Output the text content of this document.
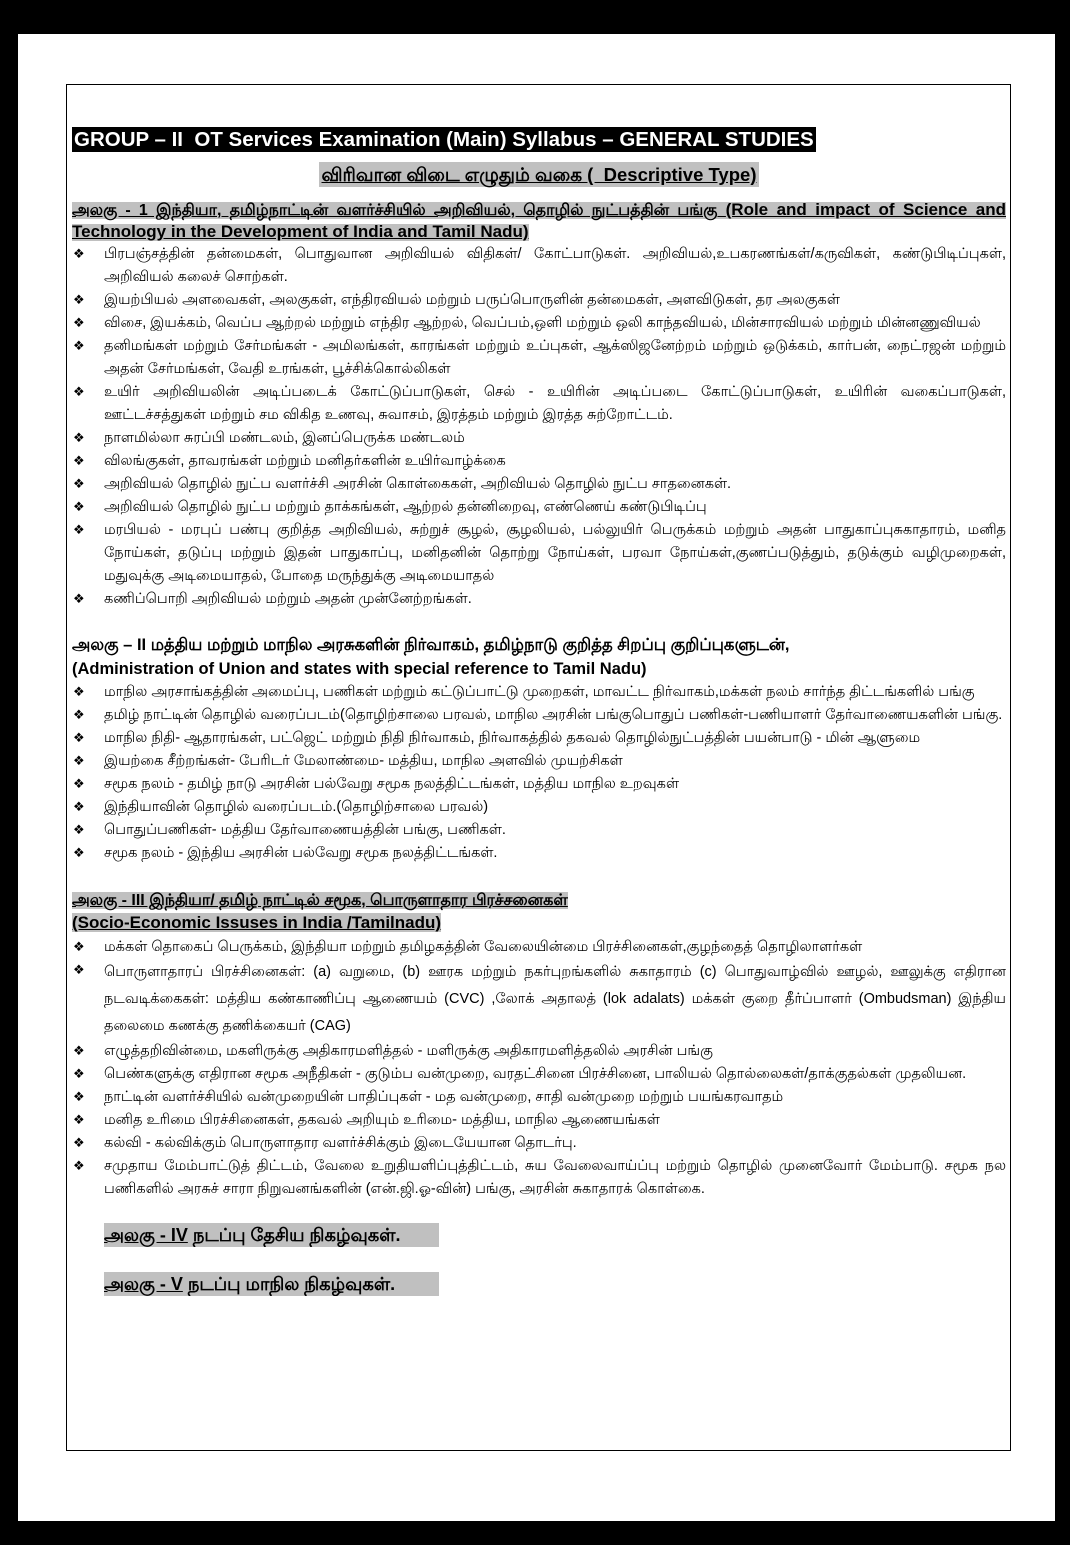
GROUP – II  OT Services Examination (Main) Syllabus – GENERAL STUDIES
விரிவான விடை எழுதும் வகை (  Descriptive Type)

அலகு - 1 இந்தியா, தமிழ்நாட்டின் வளர்ச்சியில் அறிவியல், தொழில் நுட்பத்தின் பங்கு (Role and impact of Science and Technology in the Development of India and Tamil Nadu)

❖
பிரபஞ்சத்தின் தன்மைகள், பொதுவான அறிவியல் விதிகள்/ கோட்பாடுகள். அறிவியல்,உபகரணங்கள்/கருவிகள், கண்டுபிடிப்புகள், அறிவியல் கலைச் சொற்கள்.
❖
இயற்பியல் அளவைகள், அலகுகள், எந்திரவியல் மற்றும் பருப்பொருளின் தன்மைகள், அளவிடுகள், தர அலகுகள்
❖
விசை, இயக்கம், வெப்ப ஆற்றல் மற்றும் எந்திர ஆற்றல், வெப்பம்,ஒளி மற்றும் ஒலி காந்தவியல், மின்சாரவியல் மற்றும் மின்னணுவியல்
❖
தனிமங்கள் மற்றும் சேர்மங்கள் - அமிலங்கள், காரங்கள் மற்றும் உப்புகள், ஆக்ஸிஜனேற்றம் மற்றும் ஒடுக்கம், கார்பன், நைட்ரஜன் மற்றும் அதன் சேர்மங்கள், வேதி உரங்கள், பூச்சிக்கொல்லிகள்
❖
உயிர் அறிவியலின் அடிப்படைக் கோட்டுப்பாடுகள், செல் - உயிரின் அடிப்படை கோட்டுப்பாடுகள், உயிரின் வகைப்பாடுகள், ஊட்டச்சத்துகள் மற்றும் சம விகித உணவு, சுவாசம், இரத்தம் மற்றும் இரத்த சுற்றோட்டம்.
❖
நாளமில்லா சுரப்பி மண்டலம், இனப்பெருக்க மண்டலம்
❖
விலங்குகள், தாவரங்கள் மற்றும் மனிதர்களின் உயிர்வாழ்க்கை
❖
அறிவியல் தொழில் நுட்ப வளர்ச்சி அரசின் கொள்கைகள், அறிவியல் தொழில் நுட்ப சாதனைகள்.
❖
அறிவியல் தொழில் நுட்ப மற்றும் தாக்கங்கள், ஆற்றல் தன்னிறைவு, எண்ணெய் கண்டுபிடிப்பு
❖
மரபியல் - மரபுப் பண்பு குறித்த அறிவியல், சுற்றுச் சூழல், சூழலியல், பல்லுயிர் பெருக்கம் மற்றும் அதன் பாதுகாப்புசுகாதாரம், மனித நோய்கள், தடுப்பு மற்றும் இதன் பாதுகாப்பு, மனிதனின் தொற்று நோய்கள், பரவா நோய்கள்,குணப்படுத்தும், தடுக்கும் வழிமுறைகள், மதுவுக்கு அடிமையாதல், போதை மருந்துக்கு அடிமையாதல்
❖
கணிப்பொறி அறிவியல் மற்றும் அதன் முன்னேற்றங்கள்.

அலகு – II மத்திய மற்றும் மாநில அரசுகளின் நிர்வாகம், தமிழ்நாடு குறித்த சிறப்பு குறிப்புகளுடன்,
(Administration of Union and states with special reference to Tamil Nadu)

❖
மாநில அரசாங்கத்தின் அமைப்பு, பணிகள் மற்றும் கட்டுப்பாட்டு முறைகள், மாவட்ட நிர்வாகம்,மக்கள் நலம் சார்ந்த திட்டங்களில் பங்கு
❖
தமிழ் நாட்டின் தொழில் வரைப்படம்(தொழிற்சாலை பரவல், மாநில அரசின் பங்குபொதுப் பணிகள்-பணியாளர் தேர்வாணையகளின் பங்கு.
❖
மாநில நிதி- ஆதாரங்கள், பட்ஜெட் மற்றும் நிதி நிர்வாகம், நிர்வாகத்தில் தகவல் தொழில்நுட்பத்தின் பயன்பாடு - மின் ஆளுமை
❖
இயற்கை சீற்றங்கள்- பேரிடர் மேலாண்மை- மத்திய, மாநில அளவில் முயற்சிகள்
❖
சமூக நலம் - தமிழ் நாடு அரசின் பல்வேறு சமூக நலத்திட்டங்கள், மத்திய மாநில உறவுகள்
❖
இந்தியாவின் தொழில் வரைப்படம்.(தொழிற்சாலை பரவல்)
❖
பொதுப்பணிகள்- மத்திய தேர்வாணையத்தின் பங்கு, பணிகள்.
❖
சமூக நலம் - இந்திய அரசின் பல்வேறு சமூக நலத்திட்டங்கள்.
அலகு - III இந்தியா/ தமிழ் நாட்டில் சமூக, பொருளாதார பிரச்சனைகள்
(Socio-Economic Issuses in India /Tamilnadu)
❖
மக்கள் தொகைப் பெருக்கம், இந்தியா மற்றும் தமிழகத்தின் வேலையின்மை பிரச்சினைகள்,குழந்தைத் தொழிலாளர்கள்
❖
பொருளாதாரப் பிரச்சினைகள்: (a) வறுமை, (b) ஊரக மற்றும் நகர்புறங்களில் சுகாதாரம் (c) பொதுவாழ்வில் ஊழல், ஊலுக்கு எதிரான நடவடிக்கைகள்: மத்திய கண்காணிப்பு ஆணையம் (CVC) ,லோக் அதாலத் (lok adalats) மக்கள் குறை தீர்ப்பாளர் (Ombudsman) இந்திய தலைமை கணக்கு தணிக்கையர் (CAG)
❖
எழுத்தறிவின்மை, மகளிருக்கு அதிகாரமளித்தல் - மளிருக்கு அதிகாரமளித்தலில் அரசின் பங்கு
❖
பெண்களுக்கு எதிரான சமூக அநீதிகள் - குடும்ப வன்முறை, வரதட்சினை பிரச்சினை, பாலியல் தொல்லைகள்/தாக்குதல்கள் முதலியன.
❖
நாட்டின் வளர்ச்சியில் வன்முறையின் பாதிப்புகள் - மத வன்முறை, சாதி வன்முறை மற்றும் பயங்கரவாதம்
❖
மனித உரிமை பிரச்சினைகள், தகவல் அறியும் உரிமை- மத்திய, மாநில ஆணையங்கள்
❖
கல்வி - கல்விக்கும் பொருளாதார வளர்ச்சிக்கும் இடையேயான தொடர்பு.
❖
சமுதாய மேம்பாட்டுத் திட்டம், வேலை உறுதியளிப்புத்திட்டம், சுய வேலைவாய்ப்பு மற்றும் தொழில் முனைவோர் மேம்பாடு. சமூக நல பணிகளில் அரசுச் சாரா நிறுவனங்களின் (என்.ஜி.ஓ-வின்) பங்கு, அரசின் சுகாதாரக் கொள்கை.
அலகு - IV நடப்பு தேசிய நிகழ்வுகள்.
அலகு - V நடப்பு மாநில நிகழ்வுகள்.
